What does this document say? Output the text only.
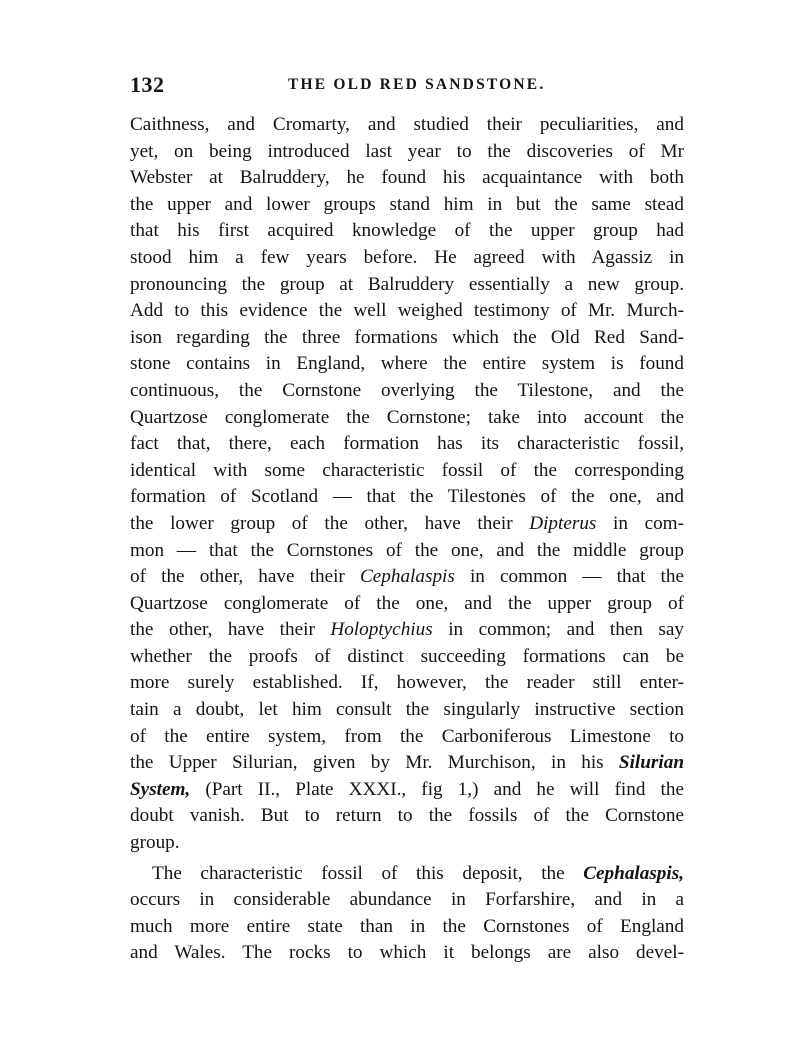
132	THE OLD RED SANDSTONE.
Caithness, and Cromarty, and studied their peculiarities, and
yet, on being introduced last year to the discoveries of Mr
Webster at Balruddery, he found his acquaintance with both
the upper and lower groups stand him in but the same stead
that his first acquired knowledge of the upper group had
stood him a few years before. He agreed with Agassiz in
pronouncing the group at Balruddery essentially a new group.
Add to this evidence the well weighed testimony of Mr. Murch-
ison regarding the three formations which the Old Red Sand-
stone contains in England, where the entire system is found
continuous, the Cornstone overlying the Tilestone, and the
Quartzose conglomerate the Cornstone; take into account the
fact that, there, each formation has its characteristic fossil,
identical with some characteristic fossil of the corresponding
formation of Scotland — that the Tilestones of the one, and
the lower group of the other, have their Dipterus in com-
mon — that the Cornstones of the one, and the middle group
of the other, have their Cephalaspis in common — that the
Quartzose conglomerate of the one, and the upper group of
the other, have their Holoptychius in common; and then say
whether the proofs of distinct succeeding formations can be
more surely established. If, however, the reader still enter-
tain a doubt, let him consult the singularly instructive section
of the entire system, from the Carboniferous Limestone to
the Upper Silurian, given by Mr. Murchison, in his Silurian
System, (Part II., Plate XXXI., fig 1,) and he will find the
doubt vanish. But to return to the fossils of the Cornstone
group.
The characteristic fossil of this deposit, the Cephalaspis,
occurs in considerable abundance in Forfarshire, and in a
much more entire state than in the Cornstones of England
and Wales. The rocks to which it belongs are also devel-
